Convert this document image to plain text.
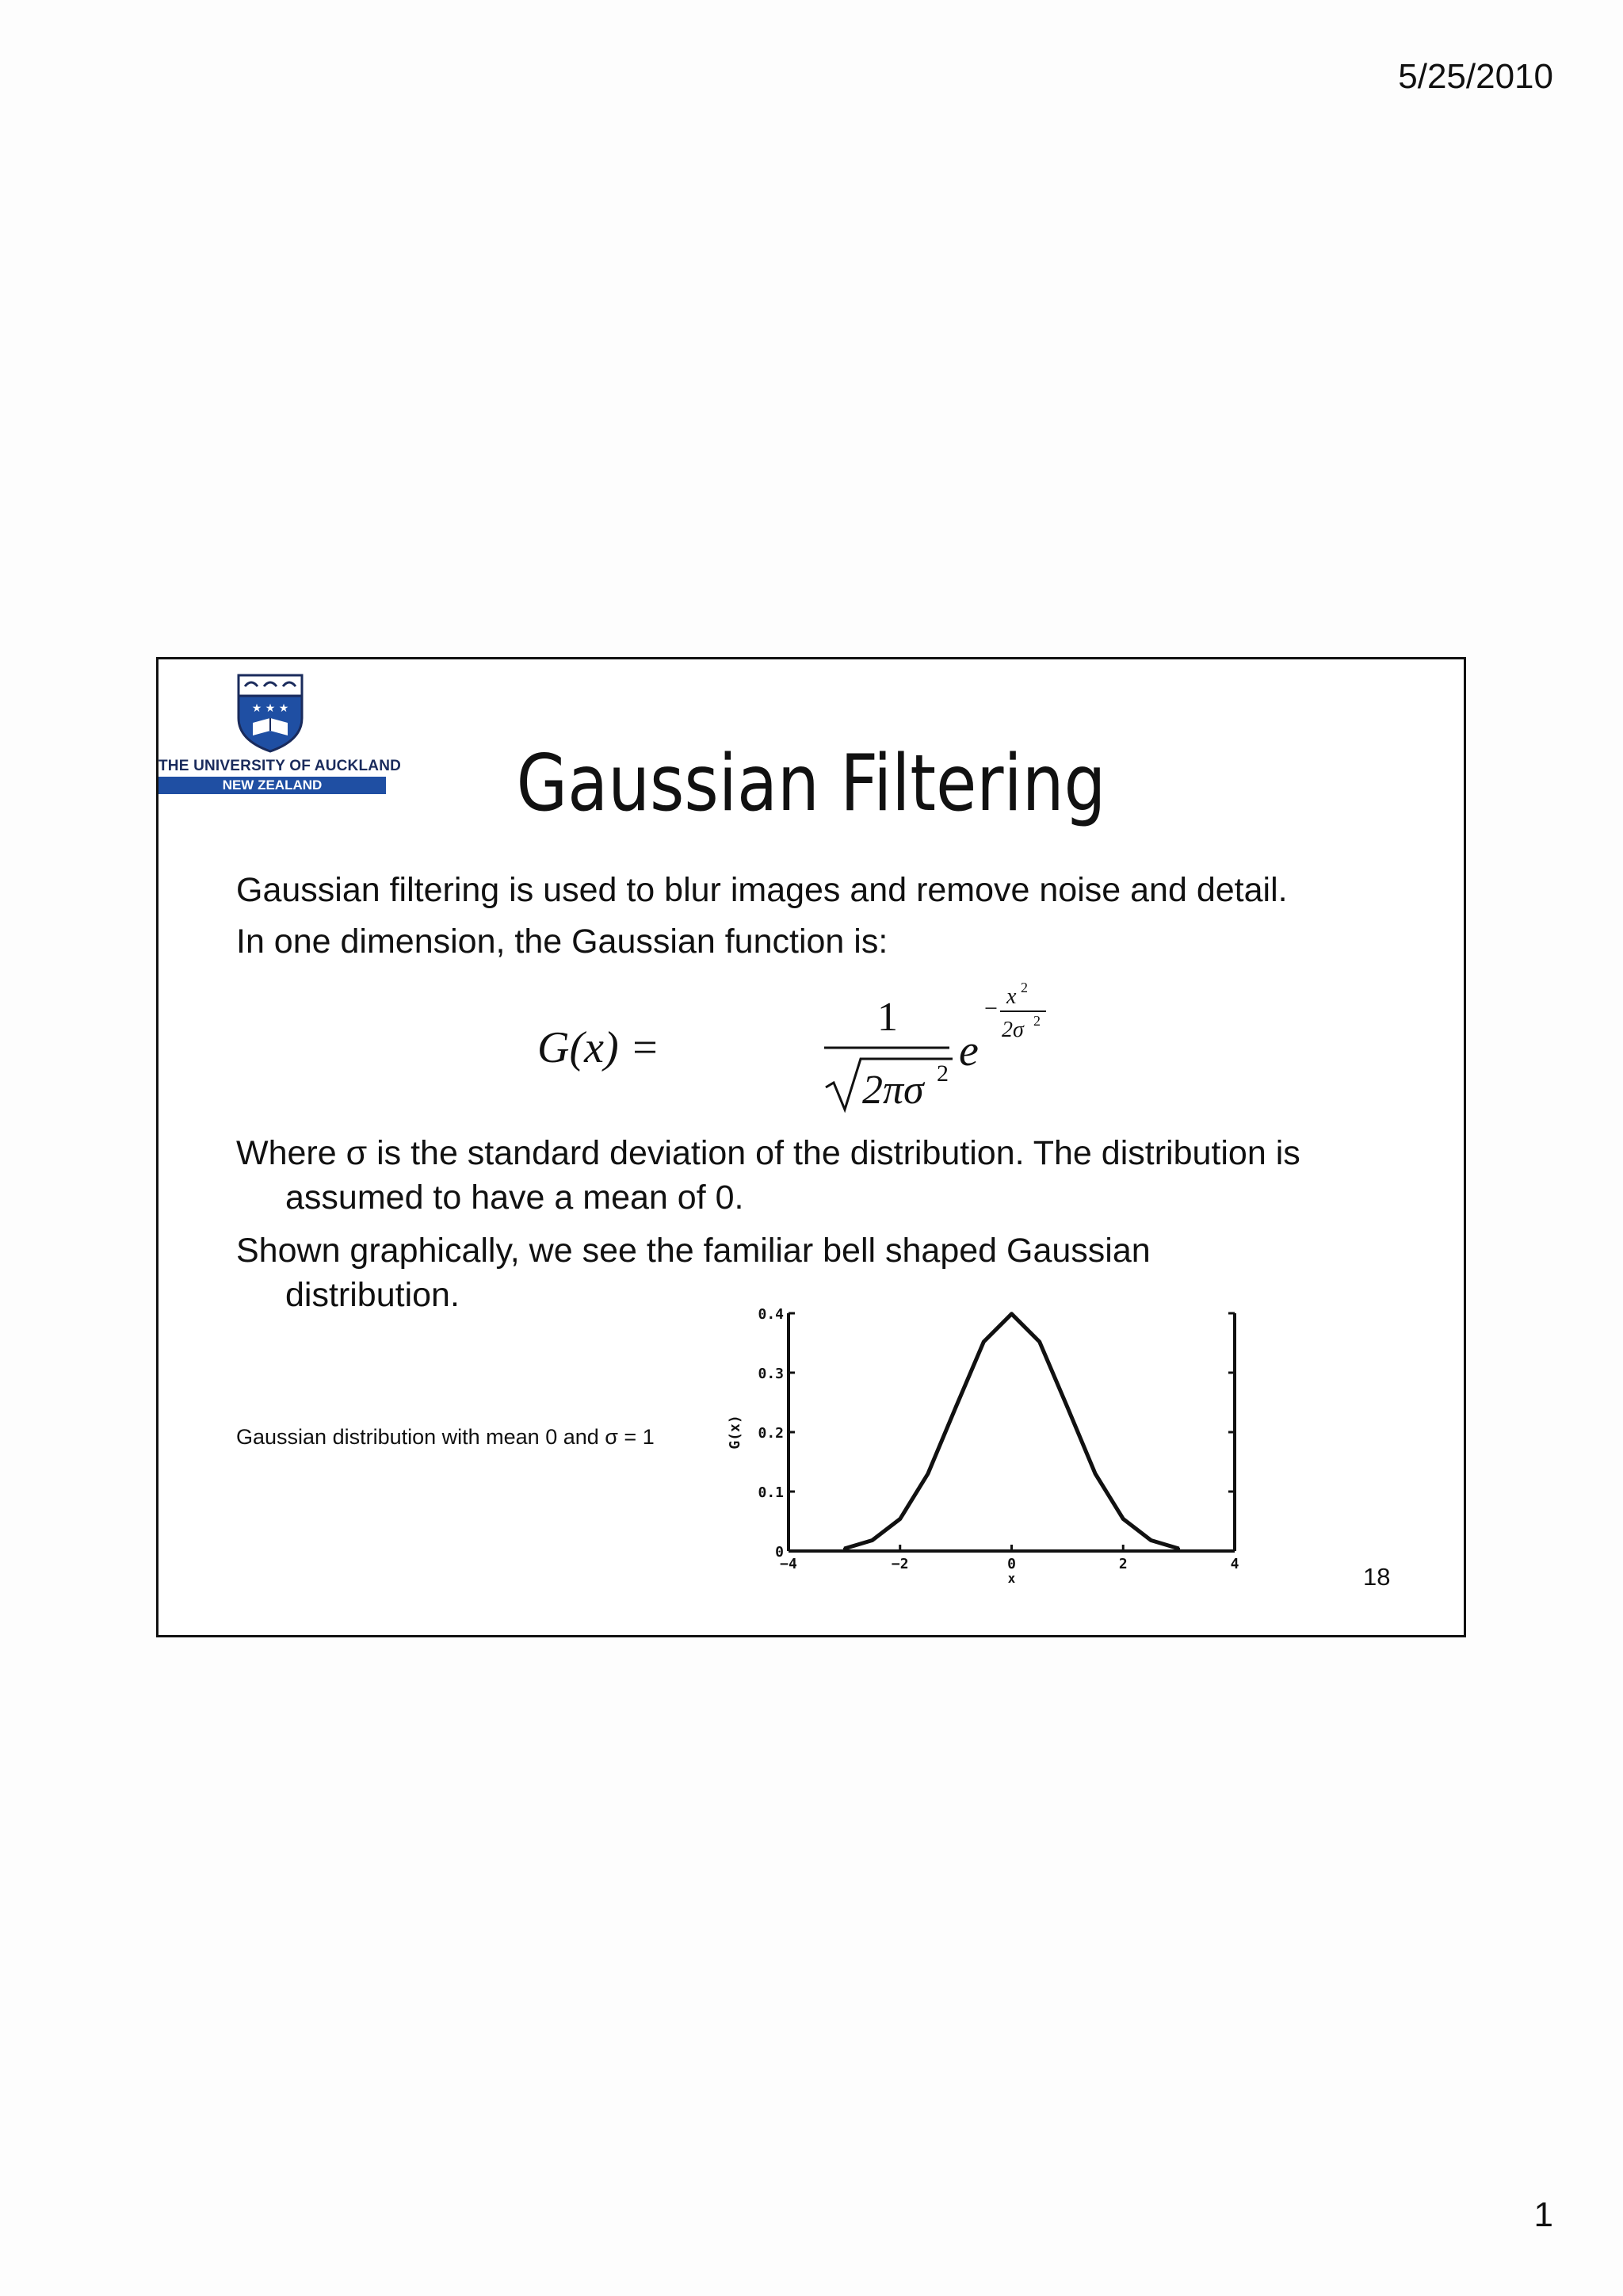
5/25/2010
★ ★ ★
THE UNIVERSITY OF AUCKLAND
NEW ZEALAND	Gaussian Filtering
Gaussian filtering is used to blur images and remove noise and detail.
In one dimension, the Gaussian function is:
G(x) =
1
2πσ 2 e
− x 2
2σ 2
Where σ is the standard deviation of the distribution. The distribution is assumed to have a mean of 0.
Shown graphically, we see the familiar bell shaped Gaussian distribution.
Gaussian distribution with mean 0 and σ = 1
0
0.1
0.2
0.3
0.4
−4	−2	0	2	4
x
G(x)
18
1
